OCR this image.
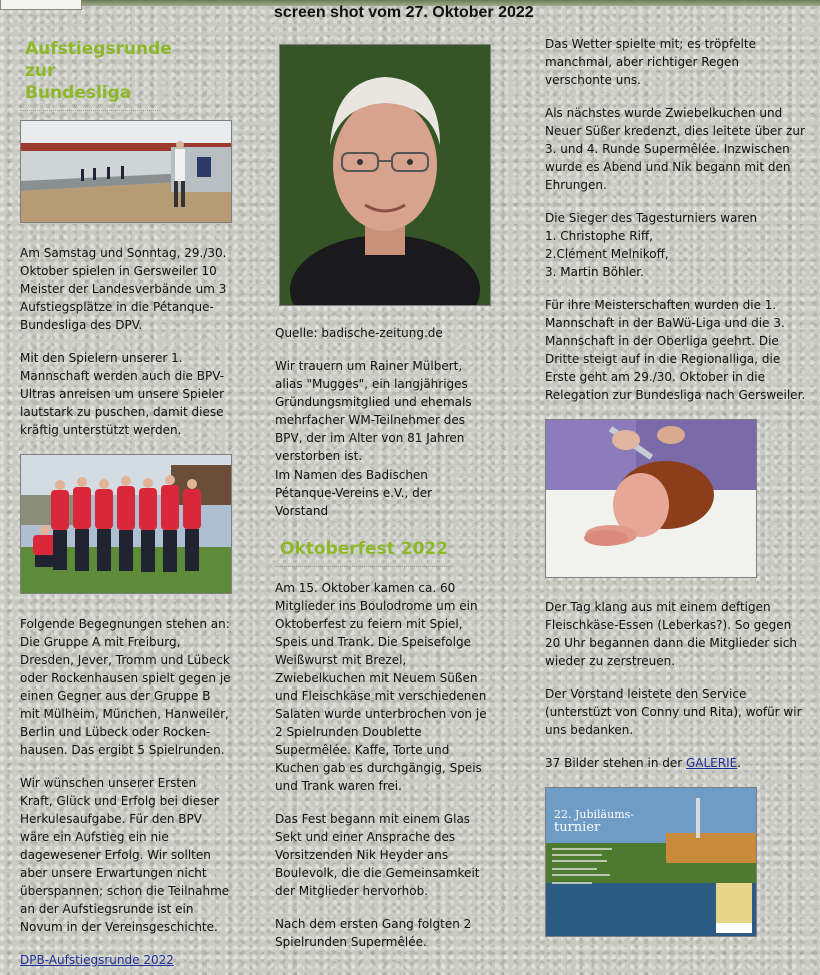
screen shot vom 27. Oktober 2022
Aufstiegsrunde
zur Bundesliga

Am Samstag und Sonntag, 29./30. Oktober spielen in Gersweiler 10 Meister der Landesverbände um 3 Aufstiegsplätze in die Pétanque-Bundesliga des DPV.

Mit den Spielern unserer 1. Mannschaft werden auch die BPV-Ultras anreisen um unsere Spieler lautstark zu puschen, damit diese kräftig unterstützt werden.

Folgende Begegnungen stehen an: Die Gruppe A mit Freiburg, Dresden, Jever, Tromm und Lübeck oder Rockenhausen spielt gegen je einen Gegner aus der Gruppe B mit Mülheim, München, Hanweiler, Berlin und Lübeck oder Rocken-hausen. Das ergibt 5 Spielrunden.

Wir wünschen unserer Ersten Kraft, Glück und Erfolg bei dieser Herkulesaufgabe. Für den BPV wäre ein Aufstieg ein nie dagewesener Erfolg. Wir sollten aber unsere Erwartungen nicht überspannen; schon die Teilnahme an der Aufstiegsrunde ist ein Novum in der Vereinsgeschichte.

DPB-Aufstiegsrunde 2022

Quelle: badische-zeitung.de

Wir trauern um Rainer Mülbert, alias "Mugges", ein langjähriges Gründungsmitglied und ehemals mehrfacher WM-Teilnehmer des BPV, der im Alter von 81 Jahren verstorben ist.

Im Namen des Badischen Pétanque-Vereins e.V., der Vorstand

Oktoberfest 2022

Am 15. Oktober kamen ca. 60 Mitglieder ins Boulodrome um ein Oktoberfest zu feiern mit Spiel, Speis und Trank. Die Speisefolge Weißwurst mit Brezel, Zwiebelkuchen mit Neuem Süßen und Fleischkäse mit verschiedenen Salaten wurde unterbrochen von je 2 Spielrunden Doublette Supermêlée. Kaffe, Torte und Kuchen gab es durchgängig, Speis und Trank waren frei.

Das Fest begann mit einem Glas Sekt und einer Ansprache des Vorsitzenden Nik Heyder ans Boulevolk, die die Gemeinsamkeit der Mitglieder hervorhob.

Nach dem ersten Gang folgten 2 Spielrunden Supermêlée.

Das Wetter spielte mit; es tröpfelte manchmal, aber richtiger Regen verschonte uns.

Als nächstes wurde Zwiebelkuchen und Neuer Süßer kredenzt, dies leitete über zur 3. und 4. Runde Supermêlée. Inzwischen wurde es Abend und Nik begann mit den Ehrungen.

Die Sieger des Tagesturniers waren
1. Christophe Riff,
2.Clément Melnikoff,
3. Martin Böhler.

Für ihre Meisterschaften wurden die 1. Mannschaft in der BaWü-Liga und die 3. Mannschaft in der Oberliga geehrt. Die Dritte steigt auf in die Regionalliga, die Erste geht am 29./30. Oktober in die Relegation zur Bundesliga nach Gersweiler.

Der Tag klang aus mit einem deftigen Fleischkäse-Essen (Leberkas?). So gegen 20 Uhr begannen dann die Mitglieder sich wieder zu zerstreuen.

Der Vorstand leistete den Service (unterstüzt von Conny und Rita), wofür wir uns bedanken.

37 Bilder stehen in der GALERIE.

22. Jubiläums-
turnier
